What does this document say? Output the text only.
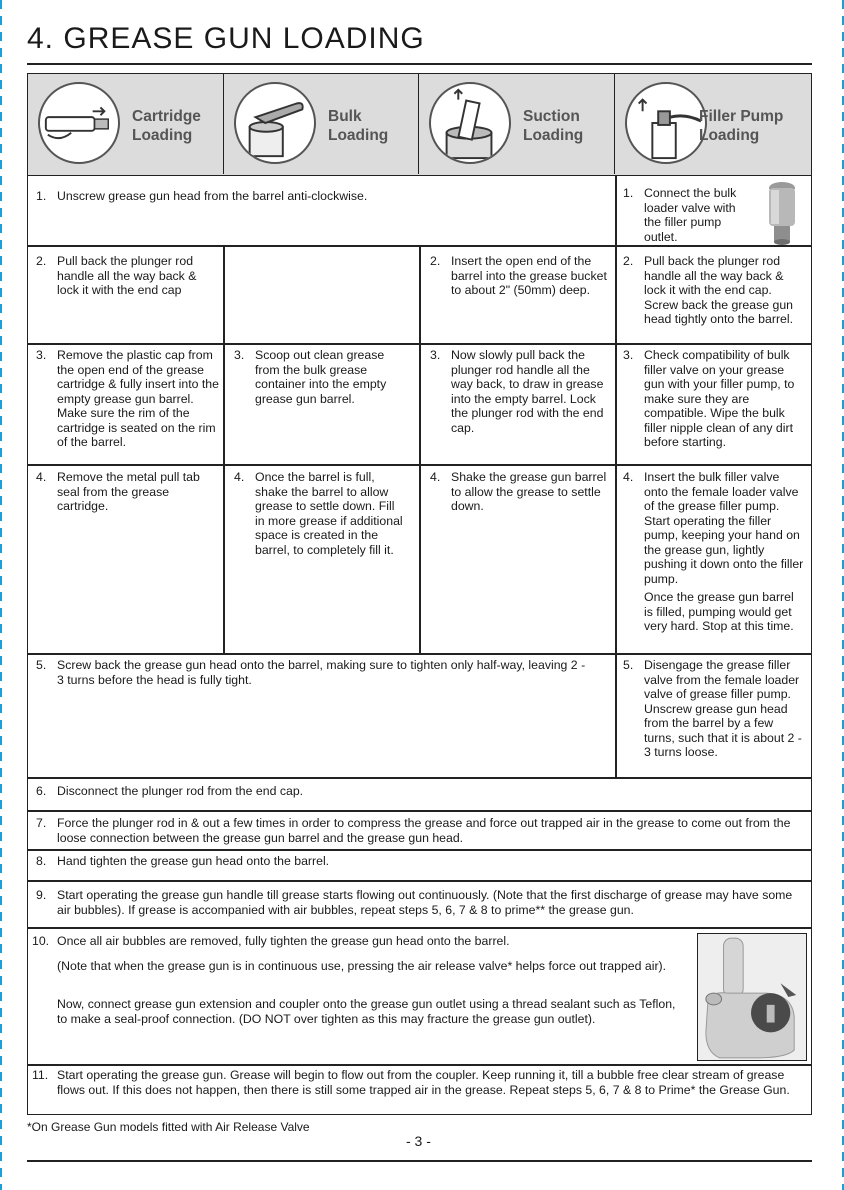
4. GREASE GUN LOADING
Cartridge
Loading
Bulk
Loading
Suction
Loading
Filler Pump
Loading
1. Unscrew grease gun head from the barrel anti-clockwise.	1. Connect the bulk loader valve with the filler pump outlet.
2. Pull back the plunger rod handle all the way back & lock it with the end cap
2. Insert the open end of the barrel into the grease bucket to about 2" (50mm) deep.
2. Pull back the plunger rod handle all the way back & lock it with the end cap. Screw back the grease gun head tightly onto the barrel.
3. Remove the plastic cap from the open end of the grease cartridge & fully insert into the empty grease gun barrel. Make sure the rim of the cartridge is seated on the rim of the barrel.
3. Scoop out clean grease from the bulk grease container into the empty grease gun barrel.
3. Now slowly pull back the plunger rod handle all the way back, to draw in grease into the empty barrel. Lock the plunger rod with the end cap.
3. Check compatibility of bulk filler valve on your grease gun with your filler pump, to make sure they are compatible. Wipe the bulk filler nipple clean of any dirt before starting.
4. Remove the metal pull tab seal from the grease cartridge.
4. Once the barrel is full, shake the barrel to allow grease to settle down. Fill in more grease if additional space is created in the barrel, to completely fill it.
4. Shake the grease gun barrel to allow the grease to settle down.
4. Insert the bulk filler valve onto the female loader valve of the grease filler pump. Start operating the filler pump, keeping your hand on the grease gun, lightly pushing it down onto the filler pump.
Once the grease gun barrel is filled, pumping would get very hard. Stop at this time.
5. Screw back the grease gun head onto the barrel, making sure to tighten only half-way, leaving 2 - 3 turns before the head is fully tight.
5. Disengage the grease filler valve from the female loader valve of grease filler pump. Unscrew grease gun head from the barrel by a few turns, such that it is about 2 - 3 turns loose.
6. Disconnect the plunger rod from the end cap.
7. Force the plunger rod in & out a few times in order to compress the grease and force out trapped air in the grease to come out from the loose connection between the grease gun barrel and the grease gun head.
8. Hand tighten the grease gun head onto the barrel.
9. Start operating the grease gun handle till grease starts flowing out continuously. (Note that the first discharge of grease may have some air bubbles). If grease is accompanied with air bubbles, repeat steps 5, 6, 7 & 8 to prime** the grease gun.
10. Once all air bubbles are removed, fully tighten the grease gun head onto the barrel.
(Note that when the grease gun is in continuous use, pressing the air release valve* helps force out trapped air).
Now, connect grease gun extension and coupler onto the grease gun outlet using a thread sealant such as Teflon, to make a seal-proof connection. (DO NOT over tighten as this may fracture the grease gun outlet).
11. Start operating the grease gun. Grease will begin to flow out from the coupler. Keep running it, till a bubble free clear stream of grease flows out. If this does not happen, then there is still some trapped air in the grease. Repeat steps 5, 6, 7 & 8 to Prime* the Grease Gun.
*On Grease Gun models fitted with Air Release Valve
- 3 -
